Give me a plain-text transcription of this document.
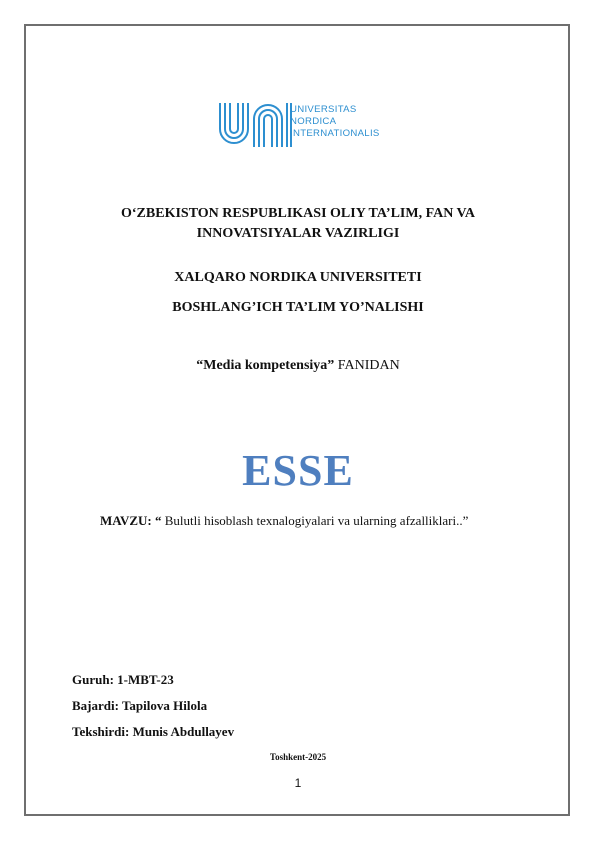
UNIVERSITAS
NORDICA
INTERNATIONALIS
O‘ZBEKISTON RESPUBLIKASI OLIY TA’LIM, FAN VA
INNOVATSIYALAR VAZIRLIGI
XALQARO NORDIKA UNIVERSITETI
BOSHLANG’ICH TA’LIM YO’NALISHI
“Media kompetensiya” FANIDAN
ESSE
MAVZU: “ Bulutli hisoblash texnalogiyalari va ularning afzalliklari..”
Guruh: 1-MBT-23
Bajardi: Tapilova Hilola
Tekshirdi: Munis Abdullayev
Toshkent-2025
1
